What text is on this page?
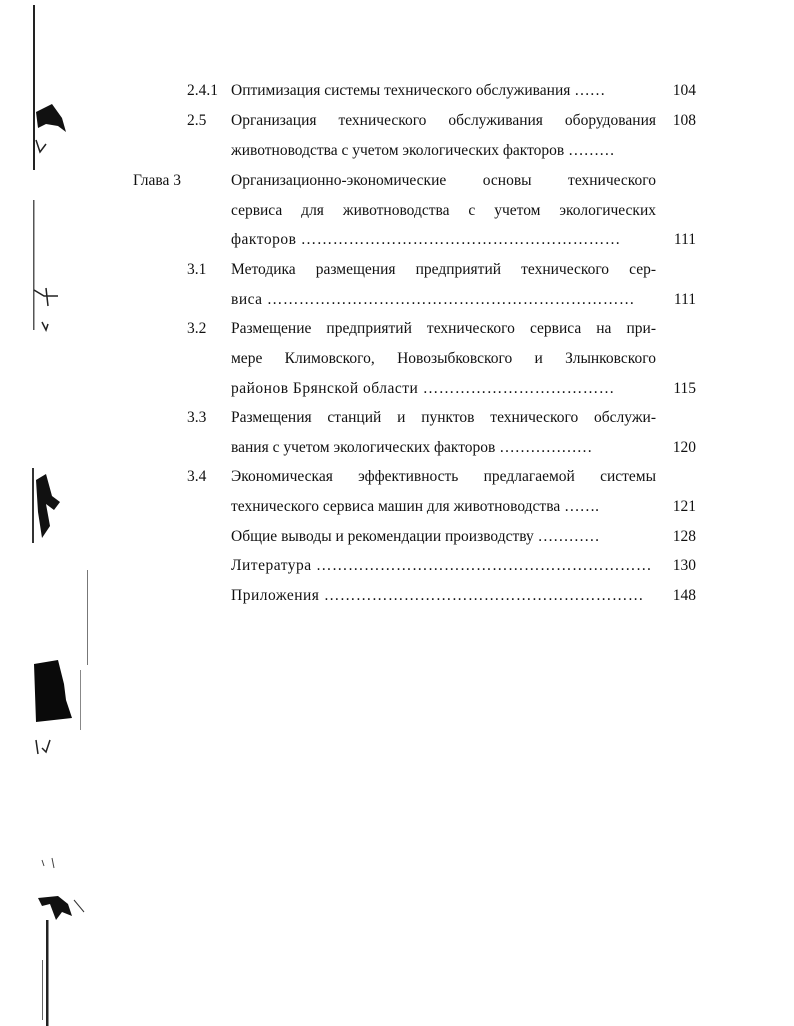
2.4.1 Оптимизация системы технического обслуживания ……	104
2.5 Организация технического обслуживания оборудования	108
животноводства с учетом экологических факторов ………
Глава 3	Организационно-экономические основы технического
сервиса для животноводства с учетом экологических
факторов ……………………………………………………	111
3.1 Методика размещения предприятий технического сер-
виса ……………………………………………………………	111
3.2 Размещение предприятий технического сервиса на при-
мере Климовского, Новозыбковского и Злынковского
районов Брянской области ………………………………	115
3.3 Размещения станций и пунктов технического обслужи-
вания с учетом экологических факторов ………………	120
3.4 Экономическая эффективность предлагаемой системы
технического сервиса машин для животноводства …….	121
Общие выводы и рекомендации производству …………	128
Литература ………………………………………………………	130
Приложения ……………………………………………………	148
